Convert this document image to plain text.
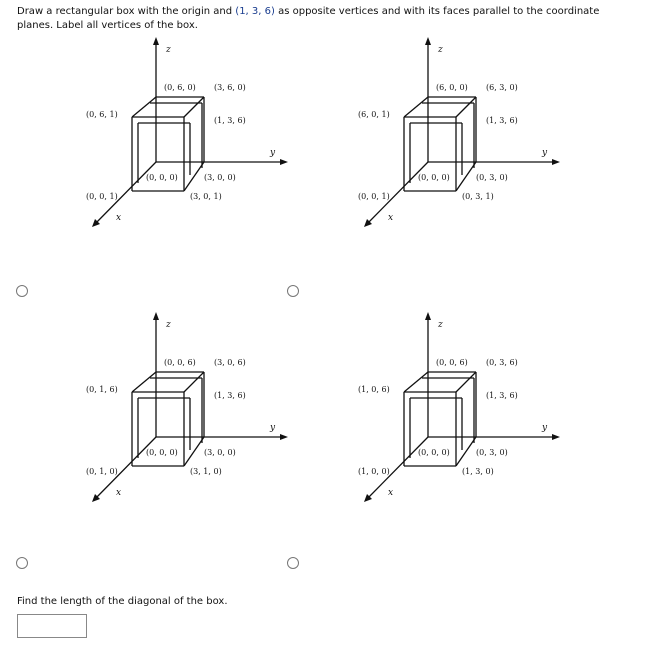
Draw a rectangular box with the origin and (1, 3, 6) as opposite vertices and with its faces parallel to the coordinate planes. Label all vertices of the box.
z
y
x
(0, 6, 0) (3, 6, 0)
(0, 6, 1)
(1, 3, 6)
(0, 0, 0)	(3, 0, 0)
(0, 0, 1)	(3, 0, 1)
z
y
x
(6, 0, 0) (6, 3, 0)
(6, 0, 1)
(1, 3, 6)
(0, 0, 0)	(0, 3, 0)
(0, 0, 1)	(0, 3, 1)
z
y
x
(0, 0, 6) (3, 0, 6)
(0, 1, 6)
(1, 3, 6)
(0, 0, 0)	(3, 0, 0)
(0, 1, 0)	(3, 1, 0)
z
y
x
(0, 0, 6) (0, 3, 6)
(1, 0, 6)
(1, 3, 6)
(0, 0, 0)	(0, 3, 0)
(1, 0, 0)	(1, 3, 0)
Find the length of the diagonal of the box.
